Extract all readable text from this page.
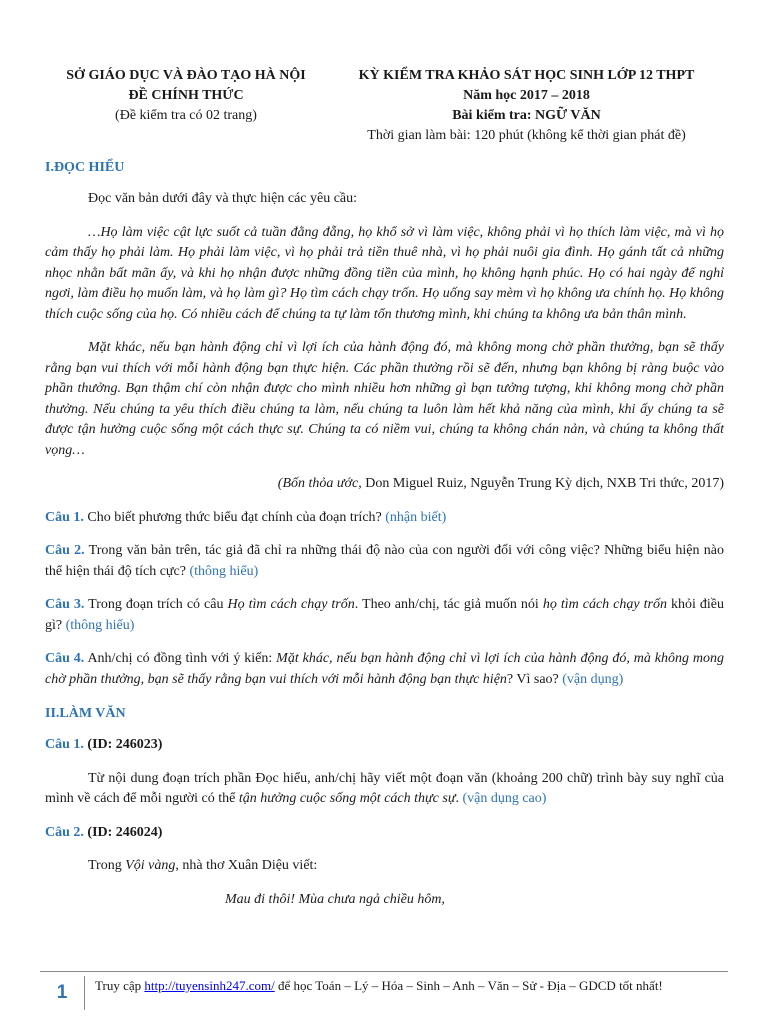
SỞ GIÁO DỤC VÀ ĐÀO TẠO HÀ NỘI
ĐỀ CHÍNH THỨC
(Đề kiểm tra có 02 trang)
KỲ KIỂM TRA KHẢO SÁT HỌC SINH LỚP 12 THPT
Năm học 2017 – 2018
Bài kiểm tra: NGỮ VĂN
Thời gian làm bài: 120 phút (không kể thời gian phát đề)
I.ĐỌC HIỂU

Đọc văn bản dưới đây và thực hiện các yêu cầu:

…Họ làm việc cật lực suốt cả tuần đằng đẵng, họ khổ sở vì làm việc, không phải vì họ thích làm việc, mà vì họ cảm thấy họ phải làm. Họ phải làm việc, vì họ phải trả tiền thuê nhà, vì họ phải nuôi gia đình. Họ gánh tất cả những nhọc nhằn bất mãn ấy, và khi họ nhận được những đồng tiền của mình, họ không hạnh phúc. Họ có hai ngày để nghỉ ngơi, làm điều họ muốn làm, và họ làm gì? Họ tìm cách chạy trốn. Họ uống say mèm vì họ không ưa chính họ. Họ không thích cuộc sống của họ. Có nhiều cách để chúng ta tự làm tổn thương mình, khi chúng ta không ưa bản thân mình.

Mặt khác, nếu bạn hành động chỉ vì lợi ích của hành động đó, mà không mong chờ phần thưởng, bạn sẽ thấy rằng bạn vui thích với mỗi hành động bạn thực hiện. Các phần thưởng rồi sẽ đến, nhưng bạn không bị ràng buộc vào phần thưởng. Bạn thậm chí còn nhận được cho mình nhiều hơn những gì bạn tưởng tượng, khi không mong chờ phần thưởng. Nếu chúng ta yêu thích điều chúng ta làm, nếu chúng ta luôn làm hết khả năng của mình, khi ấy chúng ta sẽ được tận hưởng cuộc sống một cách thực sự. Chúng ta có niềm vui, chúng ta không chán nản, và chúng ta không thất vọng…

(Bốn thỏa ước, Don Miguel Ruiz, Nguyễn Trung Kỳ dịch, NXB Tri thức, 2017)

Câu 1. Cho biết phương thức biểu đạt chính của đoạn trích? (nhận biết)

Câu 2. Trong văn bản trên, tác giả đã chỉ ra những thái độ nào của con người đối với công việc? Những biểu hiện nào thể hiện thái độ tích cực? (thông hiểu)

Câu 3. Trong đoạn trích có câu Họ tìm cách chạy trốn. Theo anh/chị, tác giả muốn nói họ tìm cách chạy trốn khỏi điều gì? (thông hiểu)

Câu 4. Anh/chị có đồng tình với ý kiến: Mặt khác, nếu bạn hành động chỉ vì lợi ích của hành động đó, mà không mong chờ phần thưởng, bạn sẽ thấy rằng bạn vui thích với mỗi hành động bạn thực hiện? Vì sao? (vận dụng)

II.LÀM VĂN

Câu 1. (ID: 246023)

Từ nội dung đoạn trích phần Đọc hiểu, anh/chị hãy viết một đoạn văn (khoảng 200 chữ) trình bày suy nghĩ của mình về cách để mỗi người có thể tận hưởng cuộc sống một cách thực sự. (vận dụng cao)

Câu 2. (ID: 246024)

Trong Vội vàng, nhà thơ Xuân Diệu viết:

Mau đi thôi! Mùa chưa ngả chiều hôm,

1	Truy cập http://tuyensinh247.com/ để học Toán – Lý – Hóa – Sinh – Anh – Văn – Sử - Địa – GDCD tốt nhất!
